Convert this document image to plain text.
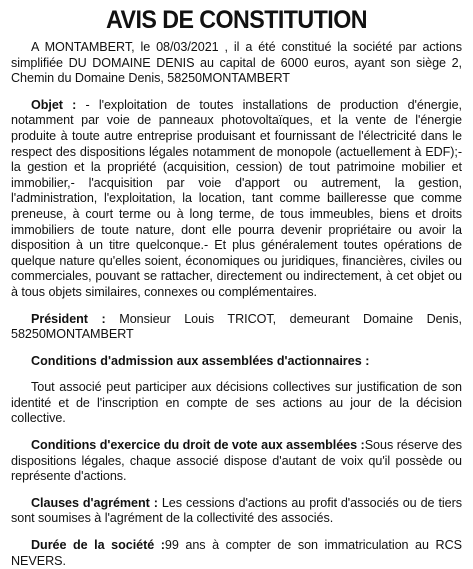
AVIS DE CONSTITUTION

A MONTAMBERT, le 08/03/2021 , il a été constitué la société par actions simplifiée DU DOMAINE DENIS au capital de 6000 euros, ayant son siège 2, Chemin du Domaine Denis, 58250MONTAMBERT

Objet : - l'exploitation de toutes installations de production d'énergie, notamment par voie de panneaux photovoltaïques, et la vente de l'énergie produite à toute autre entreprise produisant et fournissant de l'électricité dans le respect des dispositions légales notamment de monopole (actuellement à EDF);- la gestion et la propriété (acquisition, cession) de tout patrimoine mobilier et immobilier,- l'acquisition par voie d'apport ou autrement, la gestion, l'administration, l'exploitation, la location, tant comme bailleresse que comme preneuse, à court terme ou à long terme, de tous immeubles, biens et droits immobiliers de toute nature, dont elle pourra devenir propriétaire ou avoir la disposition à un titre quelconque.- Et plus généralement toutes opérations de quelque nature qu'elles soient, économiques ou juridiques, financières, civiles ou commerciales, pouvant se rattacher, directement ou indirectement, à cet objet ou à tous objets similaires, connexes ou complémentaires.

Président : Monsieur Louis TRICOT, demeurant Domaine Denis, 58250MONTAMBERT

Conditions d'admission aux assemblées d'actionnaires :

Tout associé peut participer aux décisions collectives sur justification de son identité et de l'inscription en compte de ses actions au jour de la décision collective.

Conditions d'exercice du droit de vote aux assemblées :Sous réserve des dispositions légales, chaque associé dispose d'autant de voix qu'il possède ou représente d'actions.

Clauses d'agrément : Les cessions d'actions au profit d'associés ou de tiers sont soumises à l'agrément de la collectivité des associés.

Durée de la société :99 ans à compter de son immatriculation au RCS NEVERS.
